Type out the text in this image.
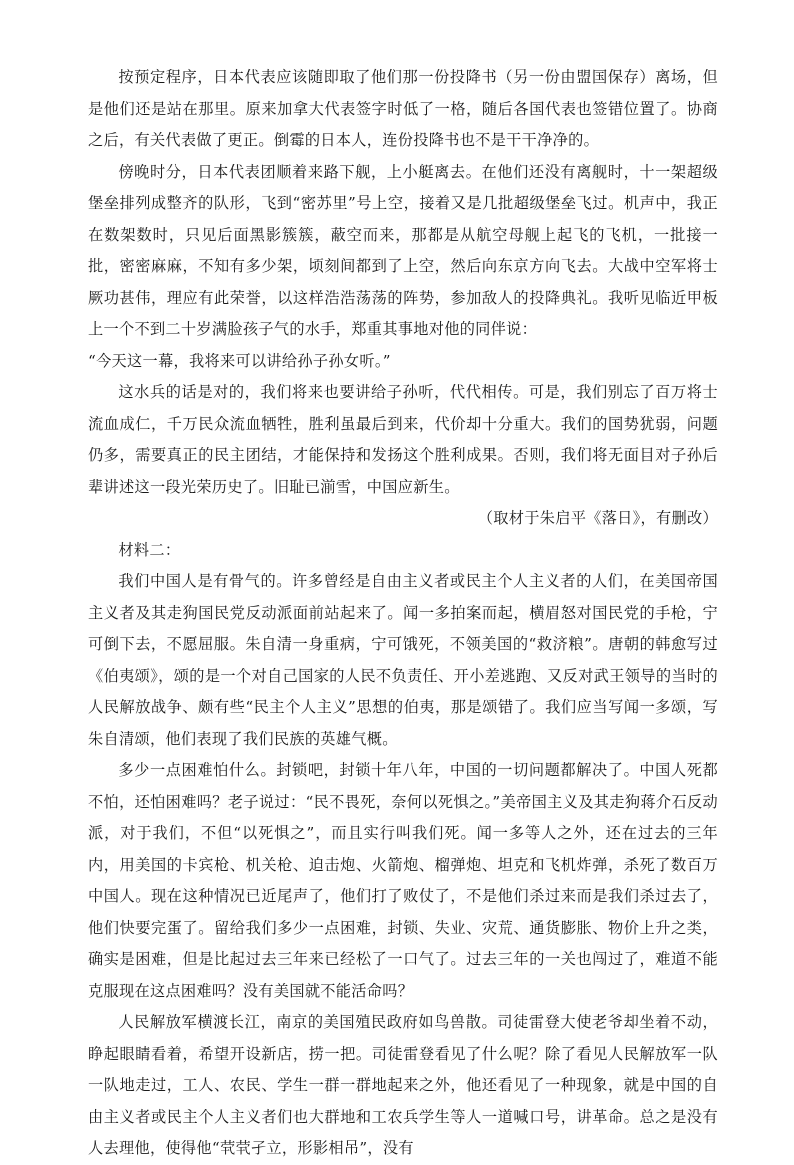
按预定程序，日本代表应该随即取了他们那一份投降书（另一份由盟国保存）离场，但是他们还是站在那里。原来加拿大代表签字时低了一格，随后各国代表也签错位置了。协商之后，有关代表做了更正。倒霉的日本人，连份投降书也不是干干净净的。

傍晚时分，日本代表团顺着来路下舰，上小艇离去。在他们还没有离舰时，十一架超级堡垒排列成整齐的队形，飞到“密苏里”号上空，接着又是几批超级堡垒飞过。机声中，我正在数架数时，只见后面黑影簇簇，蔽空而来，那都是从航空母舰上起飞的飞机，一批接一批，密密麻麻，不知有多少架，顷刻间都到了上空，然后向东京方向飞去。大战中空军将士厥功甚伟，理应有此荣誉，以这样浩浩荡荡的阵势，参加敌人的投降典礼。我听见临近甲板上一个不到二十岁满脸孩子气的水手，郑重其事地对他的同伴说：

“今天这一幕，我将来可以讲给孙子孙女听。”

这水兵的话是对的，我们将来也要讲给子孙听，代代相传。可是，我们别忘了百万将士流血成仁，千万民众流血牺牲，胜利虽最后到来，代价却十分重大。我们的国势犹弱，问题仍多，需要真正的民主团结，才能保持和发扬这个胜利成果。否则，我们将无面目对子孙后辈讲述这一段光荣历史了。旧耻已湔雪，中国应新生。

（取材于朱启平《落日》，有删改）

材料二：

我们中国人是有骨气的。许多曾经是自由主义者或民主个人主义者的人们，在美国帝国主义者及其走狗国民党反动派面前站起来了。闻一多拍案而起，横眉怒对国民党的手枪，宁可倒下去，不愿屈服。朱自清一身重病，宁可饿死，不领美国的“救济粮”。唐朝的韩愈写过《伯夷颂》，颂的是一个对自己国家的人民不负责任、开小差逃跑、又反对武王领导的当时的人民解放战争、颇有些“民主个人主义”思想的伯夷，那是颂错了。我们应当写闻一多颂，写朱自清颂，他们表现了我们民族的英雄气概。

多少一点困难怕什么。封锁吧，封锁十年八年，中国的一切问题都解决了。中国人死都不怕，还怕困难吗？老子说过：“民不畏死，奈何以死惧之。”美帝国主义及其走狗蒋介石反动派，对于我们，不但“以死惧之”，而且实行叫我们死。闻一多等人之外，还在过去的三年内，用美国的卡宾枪、机关枪、迫击炮、火箭炮、榴弹炮、坦克和飞机炸弹，杀死了数百万中国人。现在这种情况已近尾声了，他们打了败仗了，不是他们杀过来而是我们杀过去了，他们快要完蛋了。留给我们多少一点困难，封锁、失业、灾荒、通货膨胀、物价上升之类，确实是困难，但是比起过去三年来已经松了一口气了。过去三年的一关也闯过了，难道不能克服现在这点困难吗？没有美国就不能活命吗？

人民解放军横渡长江，南京的美国殖民政府如鸟兽散。司徒雷登大使老爷却坐着不动，睁起眼睛看着，希望开设新店，捞一把。司徒雷登看见了什么呢？除了看见人民解放军一队一队地走过，工人、农民、学生一群一群地起来之外，他还看见了一种现象，就是中国的自由主义者或民主个人主义者们也大群地和工农兵学生等人一道喊口号，讲革命。总之是没有人去理他，使得他“茕茕孑立，形影相吊”，没有
